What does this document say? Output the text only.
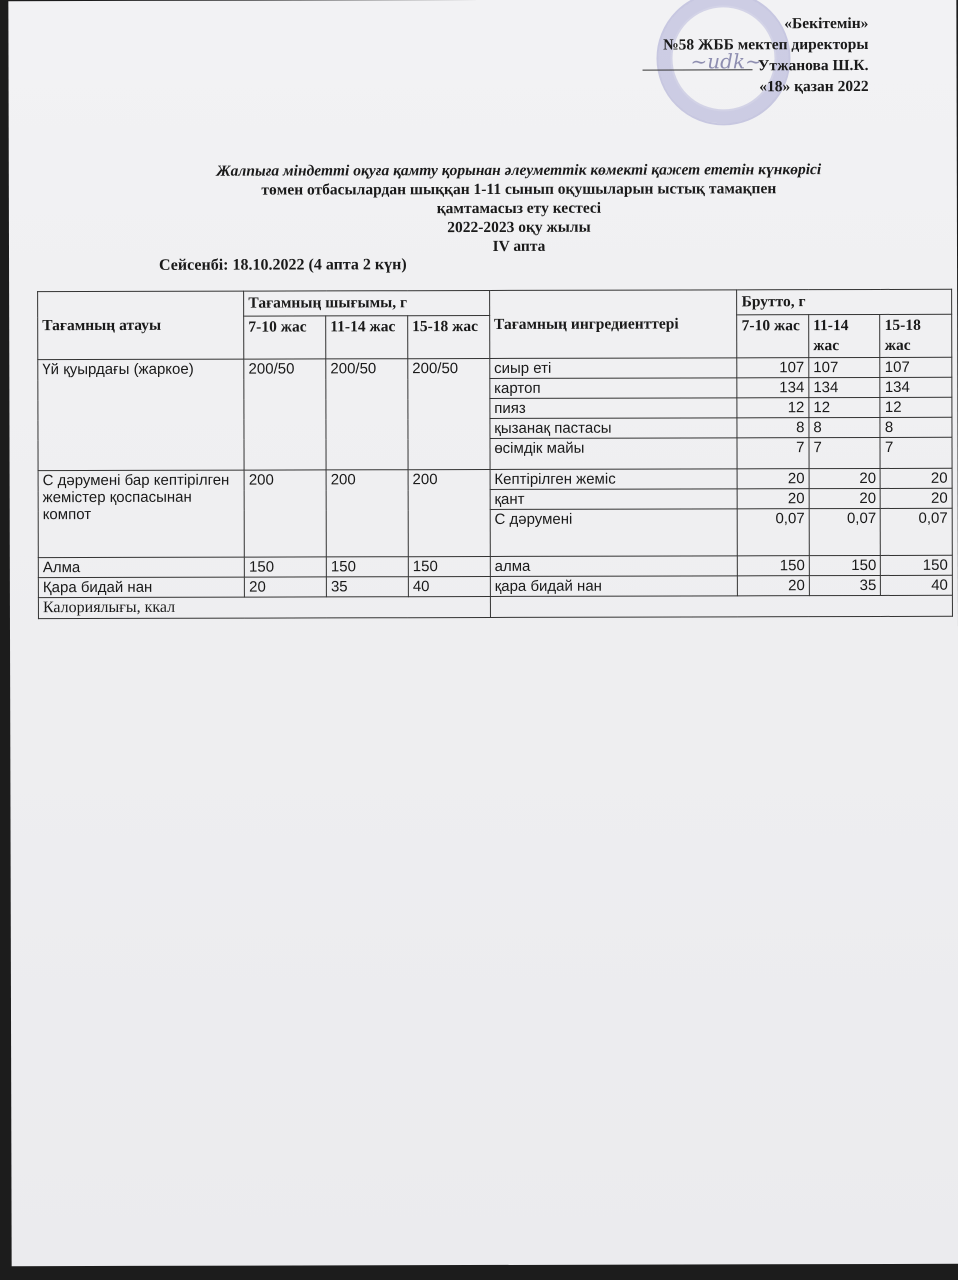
~иdk~
«Бекітемін»
№58 ЖББ мектеп директоры
Утжанова Ш.К.
«18» қазан 2022
Жалпыға міндетті оқуға қамту қорынан әлеуметтік көмекті қажет ететін күнкөрісі
төмен отбасылардан шыққан 1-11 сынып оқушыларын ыстық тамақпен
қамтамасыз ету кестесі
2022-2023 оқу жылы
IV апта
Сейсенбі: 18.10.2022 (4 апта 2 күн)
Тағамның атауы	Тағамның шығымы, г			Тағамның ингредиенттері	Брутто, г		
	7-10 жас	11-14 жас	15-18 жас		7-10 жас	11-14 жас	15-18 жас
Үй қуырдағы (жаркое)	200/50	200/50	200/50	сиыр еті	107	107	107
				картоп	134	134	134
				пияз	12	12	12
				қызанақ пастасы	8	8	8
				өсімдік майы	7	7	7
С дәрумені бар кептірілген жемістер қоспасынан компот	200	200	200	Кептірілген жеміс	20	20	20
				қант	20	20	20
				С дәрумені	0,07	0,07	0,07
Алма	150	150	150	алма	150	150	150
Қара бидай нан	20	35	40	қара бидай нан	20	35	40
Калориялығы, ккал							
